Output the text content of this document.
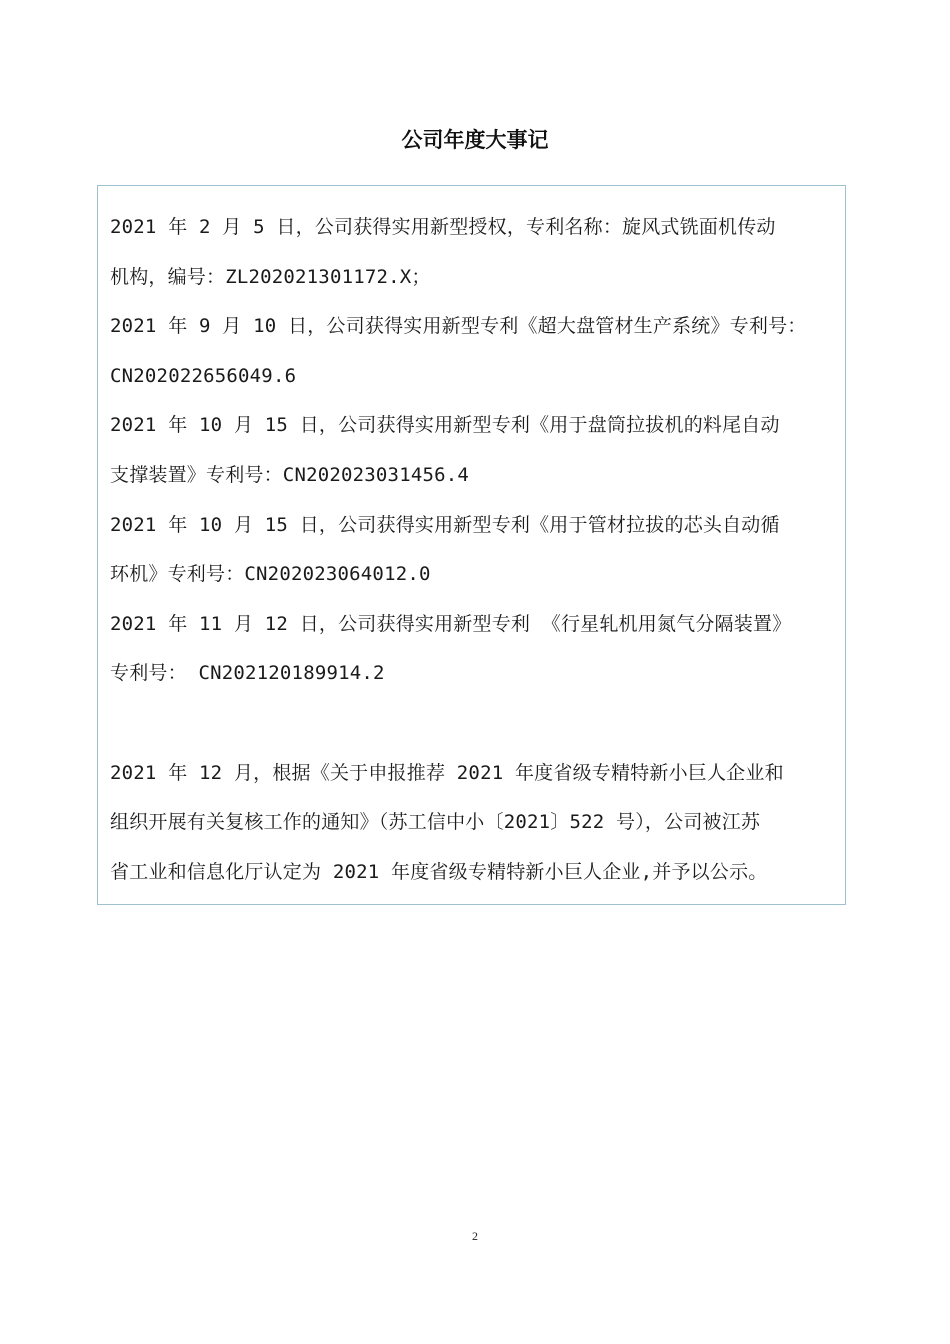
公司年度大事记
2021 年 2 月 5 日，公司获得实用新型授权，专利名称：旋风式铣面机传动
机构，编号：ZL202021301172.X；
2021 年 9 月 10 日，公司获得实用新型专利《超大盘管材生产系统》专利号：
CN202022656049.6
2021 年 10 月 15 日，公司获得实用新型专利《用于盘筒拉拔机的料尾自动
支撑装置》专利号：CN202023031456.4
2021 年 10 月 15 日，公司获得实用新型专利《用于管材拉拔的芯头自动循
环机》专利号：CN202023064012.0
2021 年 11 月 12 日，公司获得实用新型专利 《行星轧机用氮气分隔装置》
专利号： CN202120189914.2
2021 年 12 月，根据《关于申报推荐 2021 年度省级专精特新小巨人企业和
组织开展有关复核工作的通知》（苏工信中小〔2021〕522 号），公司被江苏
省工业和信息化厅认定为 2021 年度省级专精特新小巨人企业,并予以公示。
2
